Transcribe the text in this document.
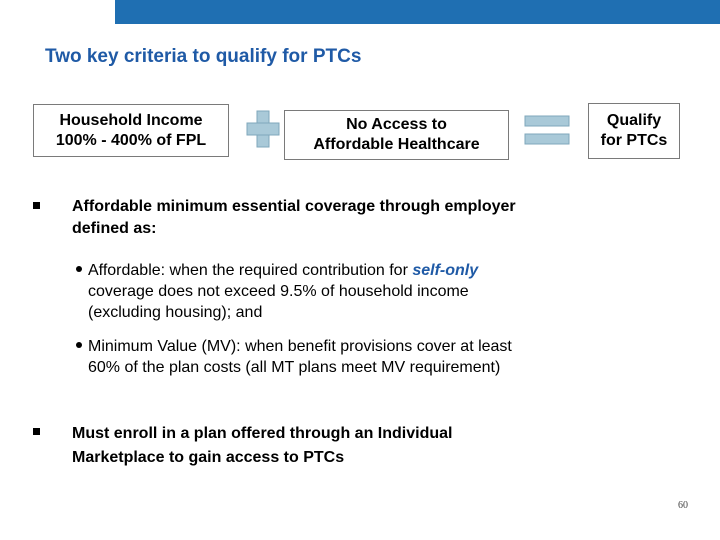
Two key criteria to qualify for PTCs
Household Income
100% - 400% of FPL
No Access to
Affordable Healthcare
Qualify
for PTCs
Affordable minimum essential coverage through employer
defined as:
Affordable: when the required contribution for self-only
coverage does not exceed 9.5% of household income
(excluding housing); and
Minimum Value (MV): when benefit provisions cover at least
60% of the plan costs (all MT plans meet MV requirement)
Must enroll in a plan offered through an Individual
Marketplace to gain access to PTCs
60
